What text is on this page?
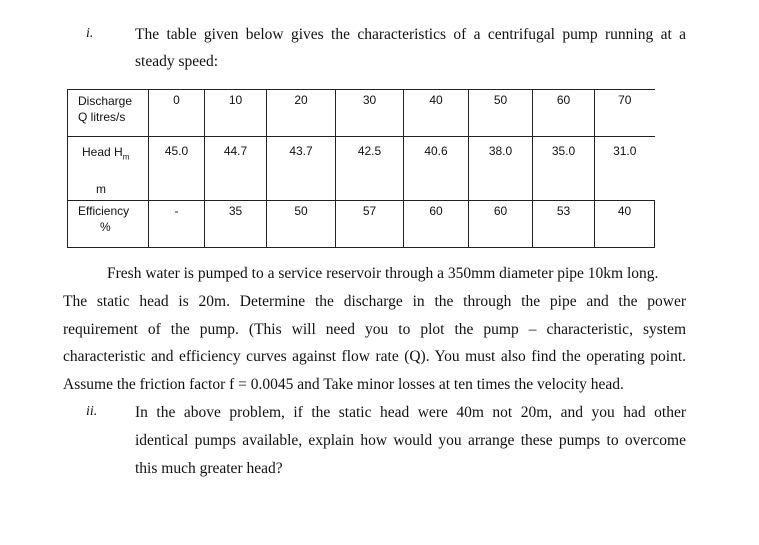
i.	The table given below gives the characteristics of a centrifugal pump running at a
steady speed:
Discharge
Q litres/s	0	10	20	30	40	50	60	70

Head $H_m$
m	45.0	44.7	43.7	42.5	40.6	38.0	35.0	31.0

Efficiency
%	-	35	50	57	60	60	53	40
Fresh water is pumped to a service reservoir through a 350mm diameter pipe 10km long.
The static head is 20m. Determine the discharge in the through the pipe and the power
requirement of the pump. (This will need you to plot the pump – characteristic, system
characteristic and efficiency curves against flow rate (Q). You must also find the operating point.
Assume the friction factor f = 0.0045 and Take minor losses at ten times the velocity head.
ii. In the above problem, if the static head were 40m not 20m, and you had other
identical pumps available, explain how would you arrange these pumps to overcome
this much greater head?
